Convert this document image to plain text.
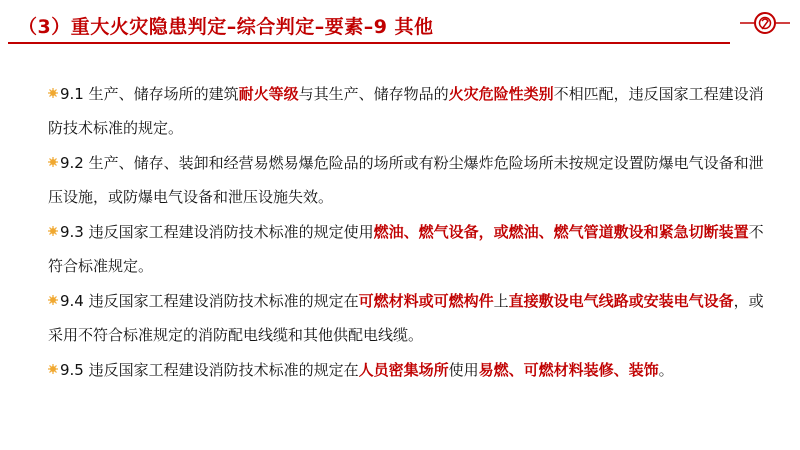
（3）重大火灾隐患判定–综合判定–要素–9 其他

9.1 生产、储存场所的建筑耐火等级与其生产、储存物品的火灾危险性类别不相匹配，违反国家工程建设消防技术标准的规定。

9.2 生产、储存、装卸和经营易燃易爆危险品的场所或有粉尘爆炸危险场所未按规定设置防爆电气设备和泄压设施，或防爆电气设备和泄压设施失效。

9.3 违反国家工程建设消防技术标准的规定使用燃油、燃气设备，或燃油、燃气管道敷设和紧急切断装置不符合标准规定。

9.4 违反国家工程建设消防技术标准的规定在可燃材料或可燃构件上直接敷设电气线路或安装电气设备，或采用不符合标准规定的消防配电线缆和其他供配电线缆。

9.5 违反国家工程建设消防技术标准的规定在人员密集场所使用易燃、可燃材料装修、装饰。
